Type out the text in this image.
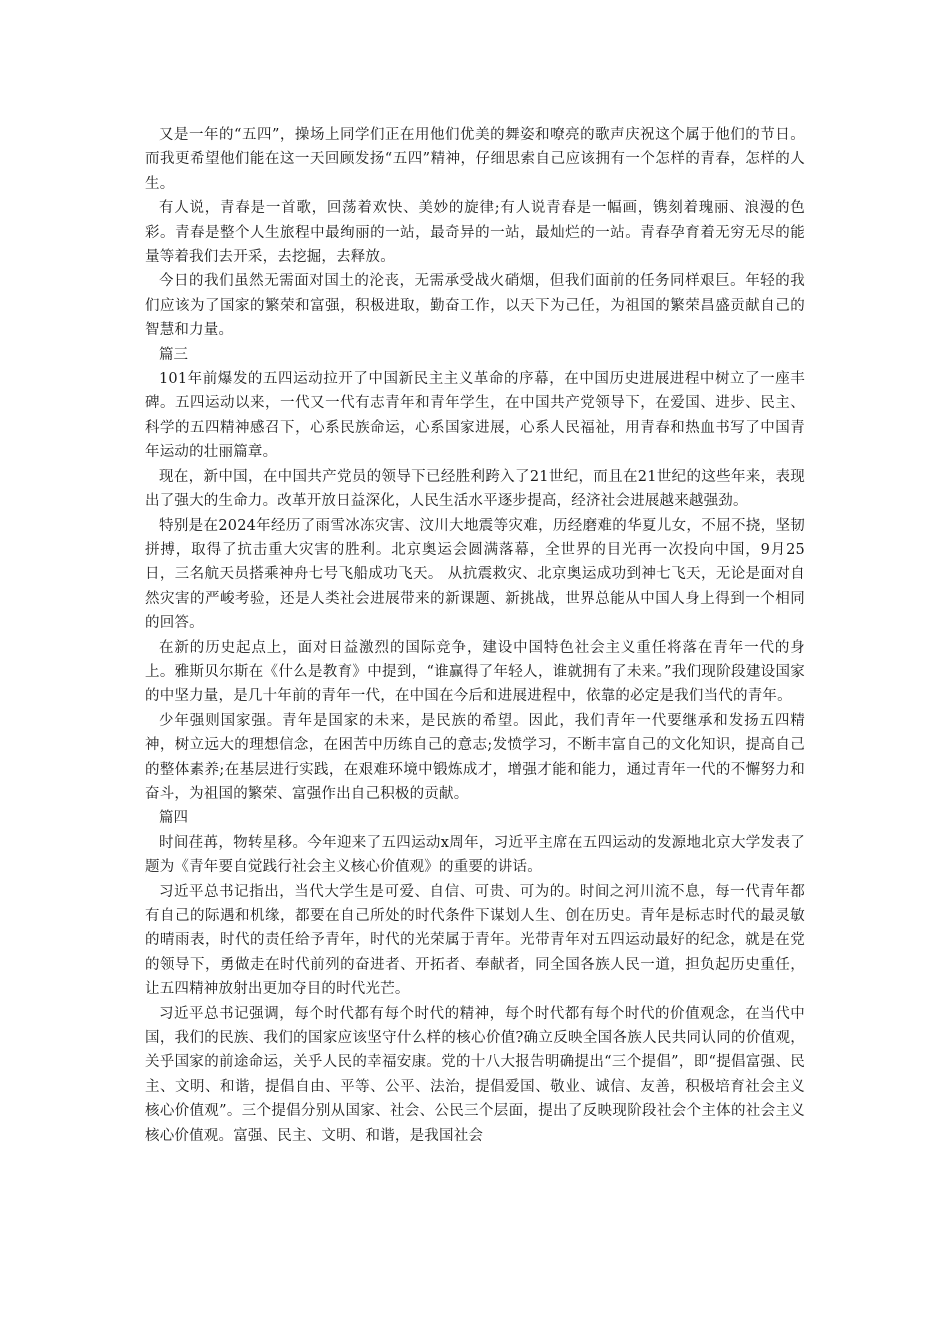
又是一年的“五四”，操场上同学们正在用他们优美的舞姿和嘹亮的歌声庆祝这个属于他们的节日。而我更希望他们能在这一天回顾发扬“五四”精神，仔细思索自己应该拥有一个怎样的青春，怎样的人生。

有人说，青春是一首歌，回荡着欢快、美妙的旋律;有人说青春是一幅画，镌刻着瑰丽、浪漫的色彩。青春是整个人生旅程中最绚丽的一站，最奇异的一站，最灿烂的一站。青春孕育着无穷无尽的能量等着我们去开采，去挖掘，去释放。

今日的我们虽然无需面对国土的沦丧，无需承受战火硝烟，但我们面前的任务同样艰巨。年轻的我们应该为了国家的繁荣和富强，积极进取，勤奋工作，以天下为己任，为祖国的繁荣昌盛贡献自己的智慧和力量。

篇三

101年前爆发的五四运动拉开了中国新民主主义革命的序幕，在中国历史进展进程中树立了一座丰碑。五四运动以来，一代又一代有志青年和青年学生，在中国共产党领导下，在爱国、进步、民主、科学的五四精神感召下，心系民族命运，心系国家进展，心系人民福祉，用青春和热血书写了中国青年运动的壮丽篇章。

现在，新中国，在中国共产党员的领导下已经胜利跨入了21世纪，而且在21世纪的这些年来，表现出了强大的生命力。改革开放日益深化，人民生活水平逐步提高，经济社会进展越来越强劲。

特别是在2024年经历了雨雪冰冻灾害、汶川大地震等灾难，历经磨难的华夏儿女，不屈不挠，坚韧拼搏，取得了抗击重大灾害的胜利。北京奥运会圆满落幕，全世界的目光再一次投向中国，9月25日，三名航天员搭乘神舟七号飞船成功飞天。 从抗震救灾、北京奥运成功到神七飞天，无论是面对自然灾害的严峻考验，还是人类社会进展带来的新课题、新挑战，世界总能从中国人身上得到一个相同的回答。

在新的历史起点上，面对日益激烈的国际竞争，建设中国特色社会主义重任将落在青年一代的身上。雅斯贝尔斯在《什么是教育》中提到，“谁赢得了年轻人，谁就拥有了未来。”我们现阶段建设国家的中坚力量，是几十年前的青年一代，在中国在今后和进展进程中，依靠的必定是我们当代的青年。

少年强则国家强。青年是国家的未来，是民族的希望。因此，我们青年一代要继承和发扬五四精神，树立远大的理想信念，在困苦中历练自己的意志;发愤学习，不断丰富自己的文化知识，提高自己的整体素养;在基层进行实践，在艰难环境中锻炼成才，增强才能和能力，通过青年一代的不懈努力和奋斗，为祖国的繁荣、富强作出自己积极的贡献。

篇四

时间荏苒，物转星移。今年迎来了五四运动x周年，习近平主席在五四运动的发源地北京大学发表了题为《青年要自觉践行社会主义核心价值观》的重要的讲话。

习近平总书记指出，当代大学生是可爱、自信、可贵、可为的。时间之河川流不息，每一代青年都有自己的际遇和机缘，都要在自己所处的时代条件下谋划人生、创在历史。青年是标志时代的最灵敏的晴雨表，时代的责任给予青年，时代的光荣属于青年。光带青年对五四运动最好的纪念，就是在党的领导下，勇做走在时代前列的奋进者、开拓者、奉献者，同全国各族人民一道，担负起历史重任，让五四精神放射出更加夺目的时代光芒。

习近平总书记强调，每个时代都有每个时代的精神，每个时代都有每个时代的价值观念，在当代中国，我们的民族、我们的国家应该坚守什么样的核心价值?确立反映全国各族人民共同认同的价值观，关乎国家的前途命运，关乎人民的幸福安康。党的十八大报告明确提出“三个提倡”，即“提倡富强、民主、文明、和谐，提倡自由、平等、公平、法治，提倡爱国、敬业、诚信、友善，积极培育社会主义核心价值观”。三个提倡分别从国家、社会、公民三个层面，提出了反映现阶段社会个主体的社会主义核心价值观。富强、民主、文明、和谐，是我国社会
